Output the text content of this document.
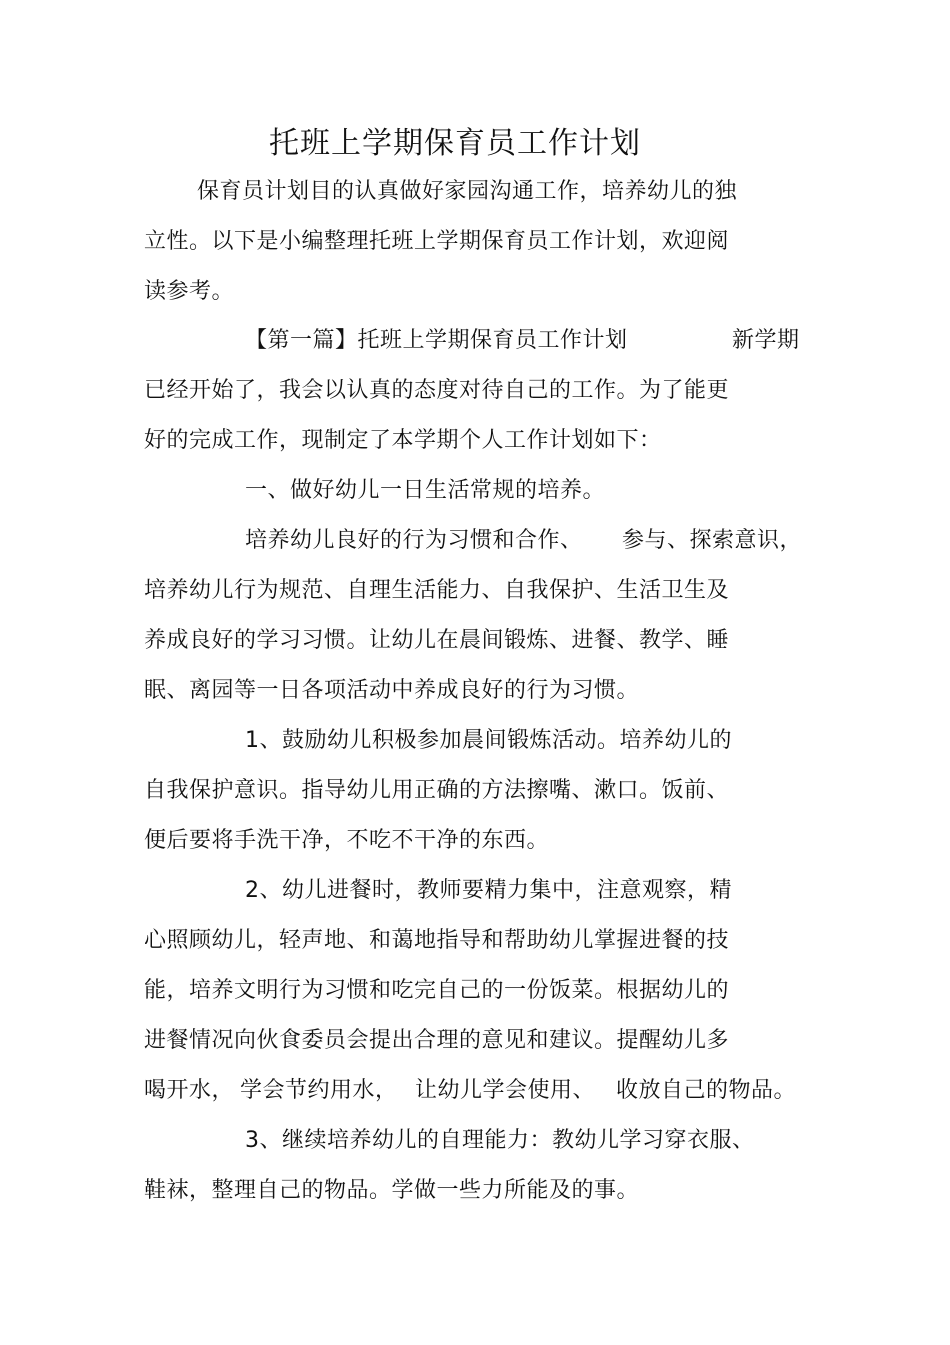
托班上学期保育员工作计划
保育员计划目的认真做好家园沟通工作，培养幼儿的独
立性。以下是小编整理托班上学期保育员工作计划，欢迎阅
读参考。
【第一篇】托班上学期保育员工作计划	新学期
已经开始了，我会以认真的态度对待自己的工作。为了能更
好的完成工作，现制定了本学期个人工作计划如下：
一、做好幼儿一日生活常规的培养。
培养幼儿良好的行为习惯和合作、 参与、探索意识，
培养幼儿行为规范、自理生活能力、自我保护、生活卫生及
养成良好的学习习惯。让幼儿在晨间锻炼、进餐、教学、睡
眠、离园等一日各项活动中养成良好的行为习惯。
1、鼓励幼儿积极参加晨间锻炼活动。培养幼儿的
自我保护意识。指导幼儿用正确的方法擦嘴、漱口。饭前、
便后要将手洗干净，不吃不干净的东西。
2、幼儿进餐时，教师要精力集中，注意观察，精
心照顾幼儿，轻声地、和蔼地指导和帮助幼儿掌握进餐的技
能，培养文明行为习惯和吃完自己的一份饭菜。根据幼儿的
进餐情况向伙食委员会提出合理的意见和建议。提醒幼儿多
喝开水， 学会节约用水， 让幼儿学会使用、 收放自己的物品。
3、继续培养幼儿的自理能力：教幼儿学习穿衣服、
鞋袜，整理自己的物品。学做一些力所能及的事。
